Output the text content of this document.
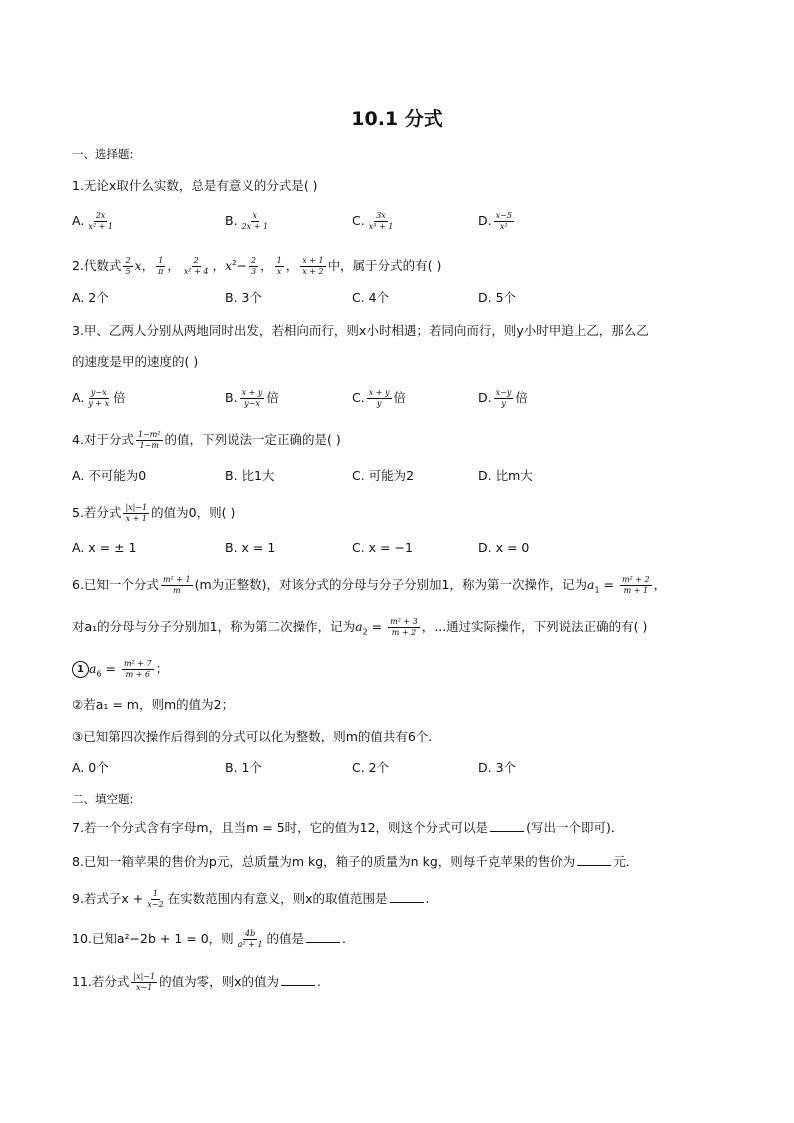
10.1 分式
一、选择题:
1.无论x取什么实数，总是有意义的分式是( )
A. $\frac{2x}{\text{x² + 1}}$	B. $\frac{x}{2x + 1}$	C. $\frac{3x}{\text{x³ + 1}}$	D. $\frac{x-5}{\text{x²}}$
2.代数式 $\frac{2}{5}$ x， $\frac{1}{\pi}$ ， $\frac{2}{\text{x² + 4}}$ ，$x^2- \frac{2}{3}$ ， $\frac{1}{x}$ ， $\frac{x + 1}{x + 2}$ 中，属于分式的有( )
A. 2个	B. 3个	C. 4个	D. 5个
3.甲、乙两人分别从两地同时出发，若相向而行，则x小时相遇；若同向而行，则y小时甲追上乙，那么乙
的速度是甲的速度的( )
A. $\frac{y-x}{y + x}$ 倍	B. $\frac{x + y}{y-x}$ 倍	C. $\frac{x + y}{y}$ 倍	D. $\frac{x-y}{y}$ 倍
4.对于分式 $\frac{\text{1−m²}}{1-m}$ 的值，下列说法一定正确的是( )
A. 不可能为0	B. 比1大	C. 可能为2	D. 比m大
5.若分式 $\frac{|x|-1}{x + 1}$ 的值为0，则( )
A. x = ± 1	B. x = 1	C. x = −1	D. x = 0
6.已知一个分式 $\frac{\text{m² + 1}}{m} (m$为正整数)，对该分式的分母与分子分别加1，称为第一次操作，记为$a_1 = \frac{\text{m² + 2}}{m + 1}$ ，
对a₁的分母与分子分别加1，称为第二次操作，记为$a_2 = \frac{\text{m² + 3}}{m + 2}$ ，...通过实际操作，下列说法正确的有( )
1 $a_6 = \frac{\text{m² + 7}}{m + 6}$ ；
②若a₁ = m，则m的值为2；
③已知第四次操作后得到的分式可以化为整数，则m的值共有6个．
A. 0个	B. 1个	C. 2个	D. 3个
二、填空题:
7.若一个分式含有字母m，且当m = 5时，它的值为12，则这个分式可以是	(写出一个即可)．
8.已知一箱苹果的售价为p元，总质量为m kg，箱子的质量为n kg，则每千克苹果的售价为	元．
9.若式子$x + \frac{1}{x-2}$ 在实数范围内有意义，则x的取值范围是	.
10.已知a²−2b + 1 = 0，则 $\frac{4b}{\text{a² + 1}}$ 的值是	.
11.若分式 $\frac{|x|-1}{x-1}$ 的值为零，则x的值为	.
